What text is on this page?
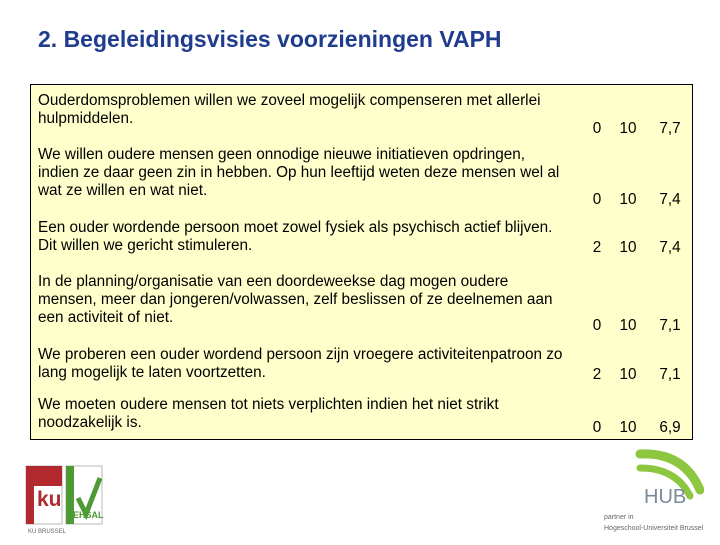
2. Begeleidingsvisies voorzieningen VAPH
Ouderdomsproblemen willen we zoveel mogelijk compenseren met allerlei hulpmiddelen.
0	10	7,7
We willen oudere mensen geen onnodige nieuwe initiatieven opdringen, indien ze daar geen zin in hebben. Op hun leeftijd weten deze mensen wel al wat ze willen en wat niet.
0	10	7,4
Een ouder wordende persoon moet zowel fysiek als psychisch actief blijven. Dit willen we gericht stimuleren.	2	10	7,4
In de planning/organisatie van een doordeweekse dag mogen oudere mensen, meer dan jongeren/volwassen, zelf beslissen of ze deelnemen aan een activiteit of niet.	0	10	7,1
We proberen een ouder wordend persoon zijn vroegere activiteitenpatroon zo lang mogelijk te laten voortzetten.	2	10	7,1
We moeten oudere mensen tot niets verplichten indien het niet strikt noodzakelijk is.	0	10	6,9
ku
EHSAL
KU BRUSSEL
HUB
partner in
Hogeschool-Universiteit Brussel
